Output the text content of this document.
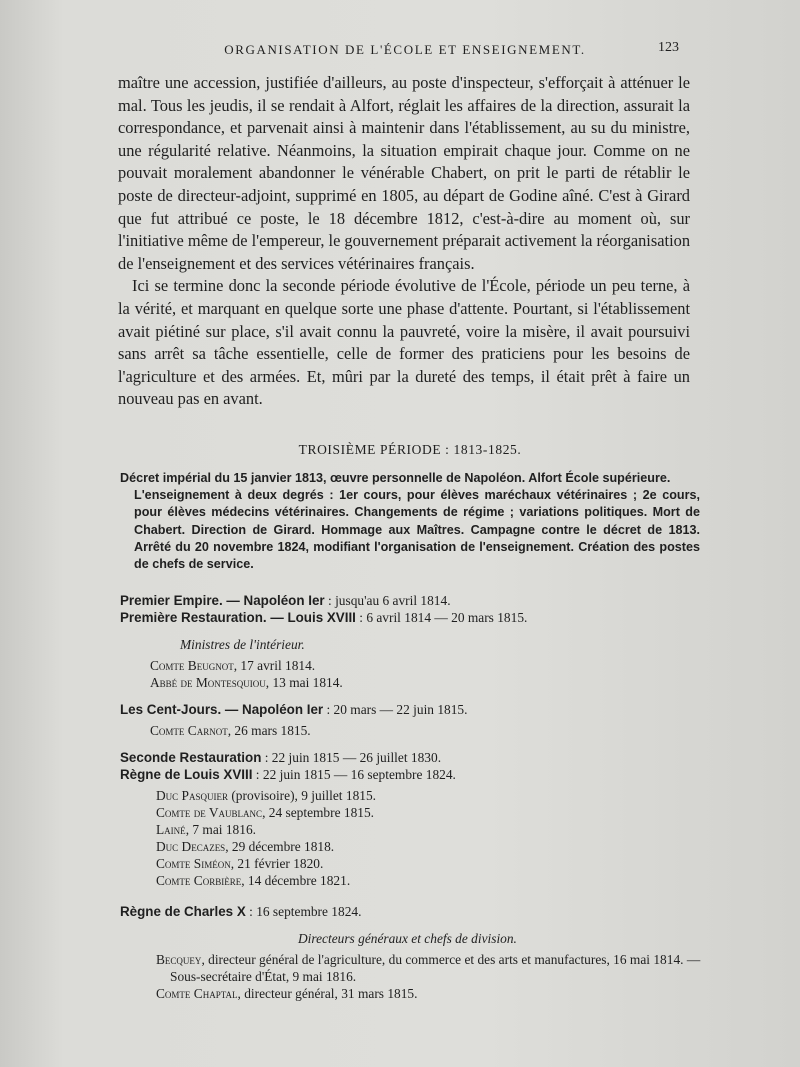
ORGANISATION DE L'ÉCOLE ET ENSEIGNEMENT.	123

maître une accession, justifiée d'ailleurs, au poste d'inspecteur, s'efforçait à atténuer le mal. Tous les jeudis, il se rendait à Alfort, réglait les affaires de la direction, assurait la correspondance, et parvenait ainsi à maintenir dans l'établissement, au su du ministre, une régularité relative. Néanmoins, la situation empirait chaque jour. Comme on ne pouvait moralement abandonner le vénérable Chabert, on prit le parti de rétablir le poste de directeur-adjoint, supprimé en 1805, au départ de Godine aîné. C'est à Girard que fut attribué ce poste, le 18 décembre 1812, c'est-à-dire au moment où, sur l'initiative même de l'empereur, le gouvernement préparait activement la réorganisation de l'enseignement et des services vétérinaires français.

Ici se termine donc la seconde période évolutive de l'École, période un peu terne, à la vérité, et marquant en quelque sorte une phase d'attente. Pourtant, si l'établissement avait piétiné sur place, s'il avait connu la pauvreté, voire la misère, il avait poursuivi sans arrêt sa tâche essentielle, celle de former des praticiens pour les besoins de l'agriculture et des armées. Et, mûri par la dureté des temps, il était prêt à faire un nouveau pas en avant.

TROISIÈME PÉRIODE : 1813-1825.
Décret impérial du 15 janvier 1813, œuvre personnelle de Napoléon. Alfort École supérieure.
L'enseignement à deux degrés : 1er cours, pour élèves maréchaux vétérinaires ; 2e cours, pour élèves médecins vétérinaires. Changements de régime ; variations politiques. Mort de Chabert. Direction de Girard. Hommage aux Maîtres. Campagne contre le décret de 1813. Arrêté du 20 novembre 1824, modifiant l'organisation de l'enseignement. Création des postes de chefs de service.
Premier Empire. — Napoléon Ier : jusqu'au 6 avril 1814.
Première Restauration. — Louis XVIII : 6 avril 1814 — 20 mars 1815.
Ministres de l'intérieur.
Comte Beugnot, 17 avril 1814.
Abbé de Montesquiou, 13 mai 1814.
Les Cent-Jours. — Napoléon Ier : 20 mars — 22 juin 1815.
Comte Carnot, 26 mars 1815.
Seconde Restauration : 22 juin 1815 — 26 juillet 1830.
Règne de Louis XVIII : 22 juin 1815 — 16 septembre 1824.
Duc Pasquier (provisoire), 9 juillet 1815.
Comte de Vaublanc, 24 septembre 1815.
Lainé, 7 mai 1816.
Duc Decazes, 29 décembre 1818.
Comte Siméon, 21 février 1820.
Comte Corbière, 14 décembre 1821.
Règne de Charles X : 16 septembre 1824.
Directeurs généraux et chefs de division.
Becquey, directeur général de l'agriculture, du commerce et des arts et manufactures, 16 mai 1814. — Sous-secrétaire d'État, 9 mai 1816.
Comte Chaptal, directeur général, 31 mars 1815.
